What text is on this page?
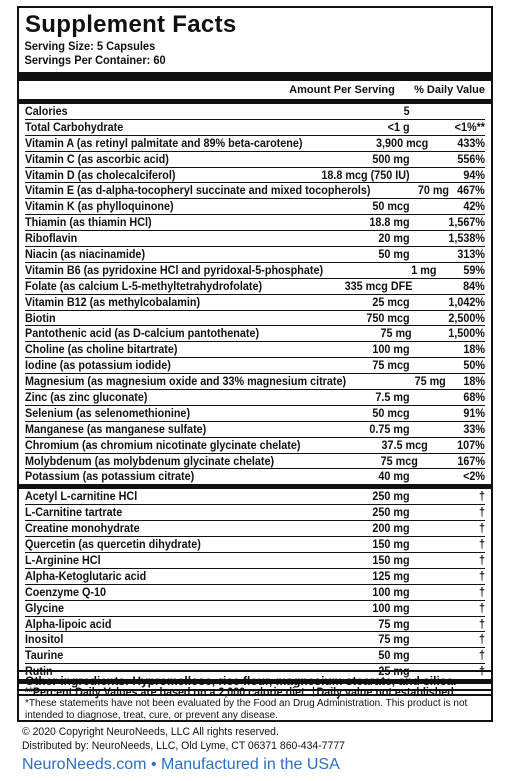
Supplement Facts
Serving Size: 5 Capsules
Servings Per Container: 60
Amount Per Serving	% Daily Value
Calories	5
Total Carbohydrate	<1 g	<1%**
Vitamin A (as retinyl palmitate and 89% beta-carotene)	3,900 mcg	433%
Vitamin C (as ascorbic acid)	500 mg	556%
Vitamin D (as cholecalciferol)	18.8 mcg (750 IU)	94%
Vitamin E (as d-alpha-tocopheryl succinate and mixed tocopherols)	70 mg 467%
Vitamin K (as phylloquinone)	50 mcg	42%
Thiamin (as thiamin HCl)	18.8 mg	1,567%
Riboflavin	20 mg	1,538%
Niacin (as niacinamide)	50 mg	313%
Vitamin B6 (as pyridoxine HCl and pyridoxal-5-phosphate)	1 mg	59%
Folate (as calcium L-5-methyltetrahydrofolate)	335 mcg DFE	84%
Vitamin B12 (as methylcobalamin)	25 mcg	1,042%
Biotin	750 mcg	2,500%
Pantothenic acid (as D-calcium pantothenate)	75 mg	1,500%
Choline (as choline bitartrate)	100 mg	18%
Iodine (as potassium iodide)	75 mcg	50%
Magnesium (as magnesium oxide and 33% magnesium citrate)	75 mg	18%
Zinc (as zinc gluconate)	7.5 mg	68%
Selenium (as selenomethionine)	50 mcg	91%
Manganese (as manganese sulfate)	0.75 mg	33%
Chromium (as chromium nicotinate glycinate chelate)	37.5 mcg	107%
Molybdenum (as molybdenum glycinate chelate)	75 mcg	167%
Potassium (as potassium citrate)	40 mg	<2%
Acetyl L-carnitine HCl	250 mg	†
L-Carnitine tartrate	250 mg	†
Creatine monohydrate	200 mg	†
Quercetin (as quercetin dihydrate)	150 mg	†
L-Arginine HCl	150 mg	†
Alpha-Ketoglutaric acid	125 mg	†
Coenzyme Q-10	100 mg	†
Glycine	100 mg	†
Alpha-lipoic acid	75 mg	†
Inositol	75 mg	†
Taurine	50 mg	†
Rutin	25 mg	†
**Percent Daily Values are based on a 2,000 calorie diet. †Daily value not established.
Other ingredients: Hypromellose, rice flour, magnesium stearate, and silica.
*These statements have not been evaluated by the Food an Drug Administration. This product is not intended to diagnose, treat, cure, or prevent any disease.
© 2020 Copyright NeuroNeeds, LLC All rights reserved.
Distributed by: NeuroNeeds, LLC, Old Lyme, CT 06371 860-434-7777
NeuroNeeds.com • Manufactured in the USA
